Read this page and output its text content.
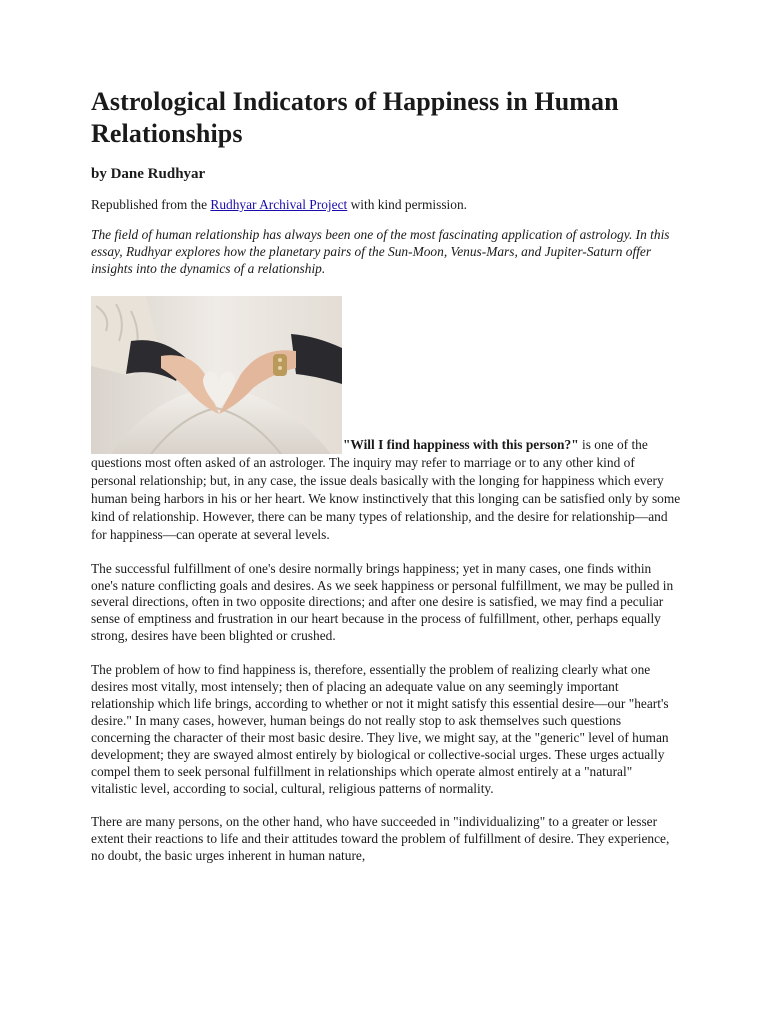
Astrological Indicators of Happiness in Human Relationships
by Dane Rudhyar

Republished from the Rudhyar Archival Project with kind permission.

The field of human relationship has always been one of the most fascinating application of astrology. In this essay, Rudhyar explores how the planetary pairs of the Sun-Moon, Venus-Mars, and Jupiter-Saturn offer insights into the dynamics of a relationship.

"Will I find happiness with this person?" is one of the questions most often asked of an astrologer. The inquiry may refer to marriage or to any other kind of personal relationship; but, in any case, the issue deals basically with the longing for happiness which every human being harbors in his or her heart. We know instinctively that this longing can be satisfied only by some kind of relationship. However, there can be many types of relationship, and the desire for relationship—and for happiness—can operate at several levels.

The successful fulfillment of one's desire normally brings happiness; yet in many cases, one finds within one's nature conflicting goals and desires. As we seek happiness or personal fulfillment, we may be pulled in several directions, often in two opposite directions; and after one desire is satisfied, we may find a peculiar sense of emptiness and frustration in our heart because in the process of fulfillment, other, perhaps equally strong, desires have been blighted or crushed.

The problem of how to find happiness is, therefore, essentially the problem of realizing clearly what one desires most vitally, most intensely; then of placing an adequate value on any seemingly important relationship which life brings, according to whether or not it might satisfy this essential desire—our "heart's desire." In many cases, however, human beings do not really stop to ask themselves such questions concerning the character of their most basic desire. They live, we might say, at the "generic" level of human development; they are swayed almost entirely by biological or collective-social urges. These urges actually compel them to seek personal fulfillment in relationships which operate almost entirely at a "natural" vitalistic level, according to social, cultural, religious patterns of normality.

There are many persons, on the other hand, who have succeeded in "individualizing" to a greater or lesser extent their reactions to life and their attitudes toward the problem of fulfillment of desire. They experience, no doubt, the basic urges inherent in human nature,
